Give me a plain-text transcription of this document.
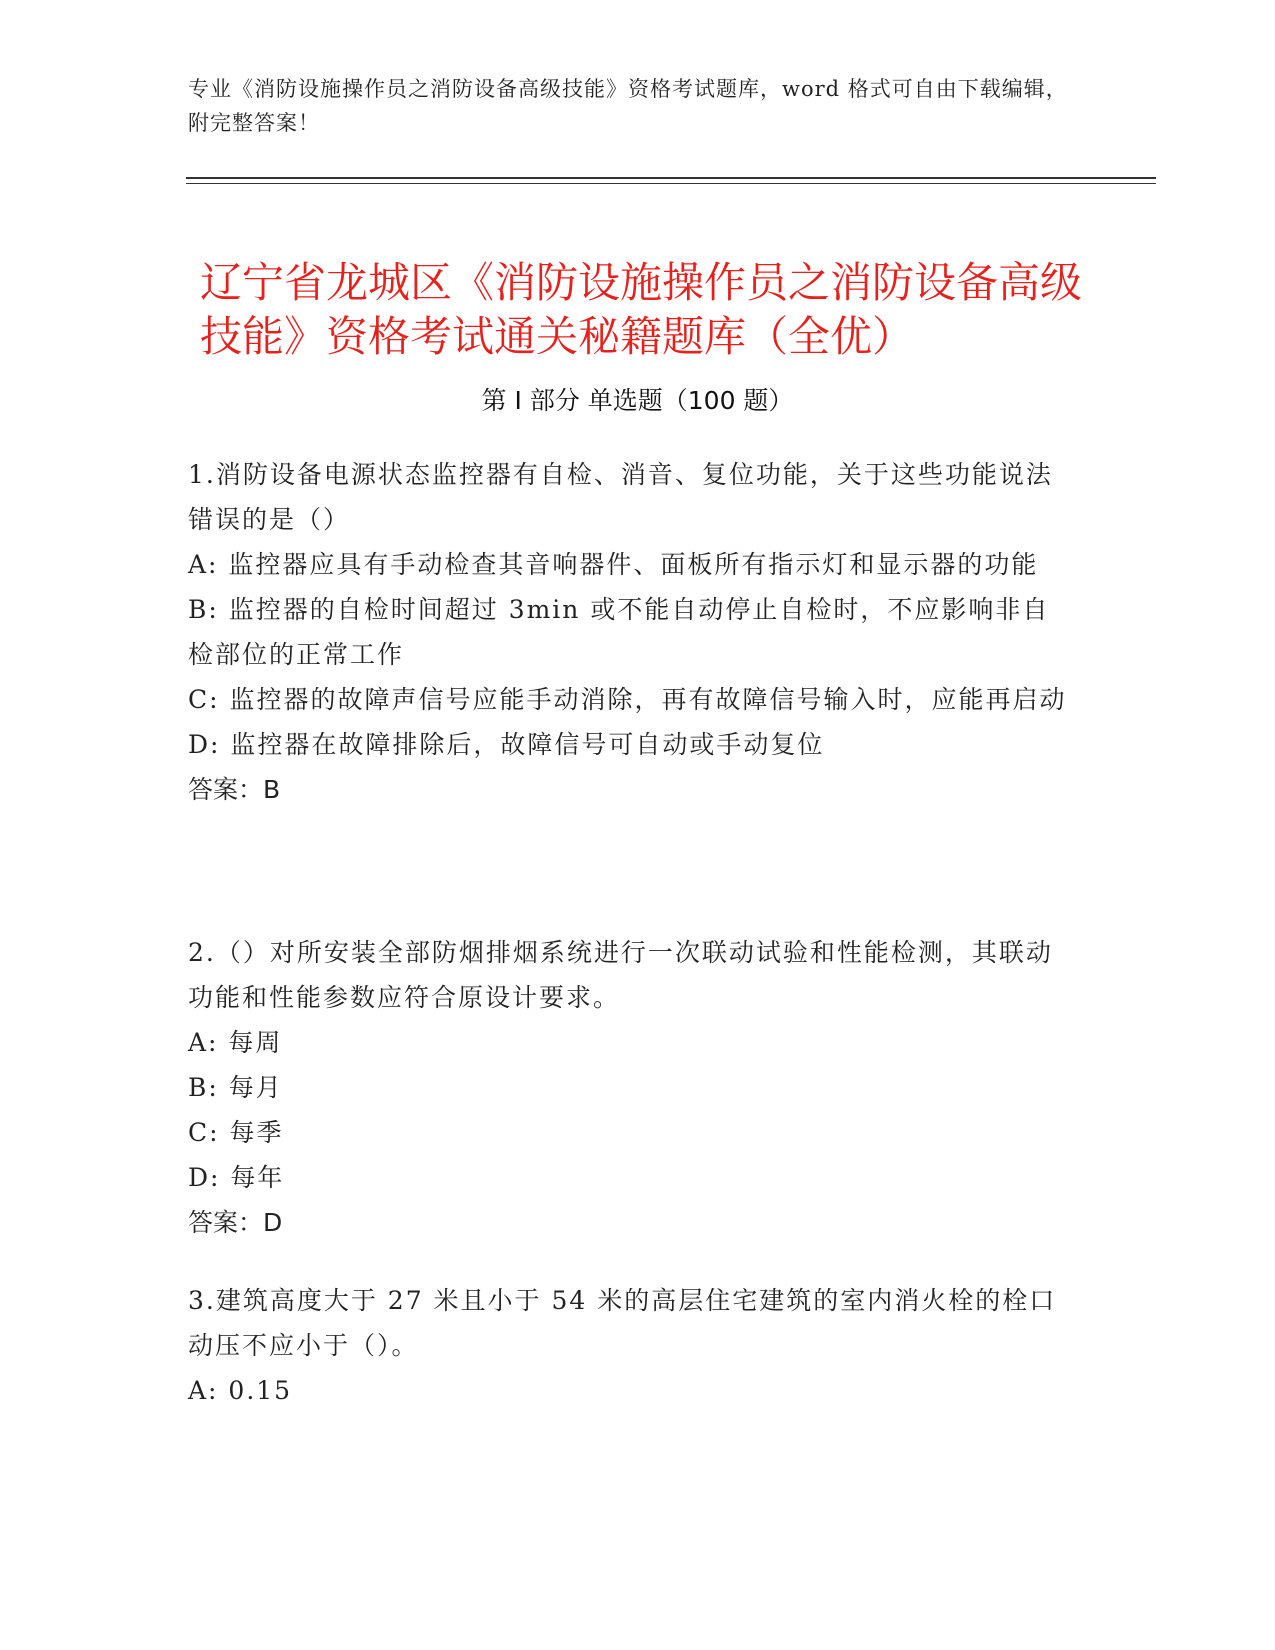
专业《消防设施操作员之消防设备高级技能》资格考试题库，word 格式可自由下载编辑，附完整答案！
辽宁省龙城区《消防设施操作员之消防设备高级技能》资格考试通关秘籍题库（全优）
第 I 部分 单选题（100 题）
1.消防设备电源状态监控器有自检、消音、复位功能，关于这些功能说法错误的是（）
A: 监控器应具有手动检查其音响器件、面板所有指示灯和显示器的功能
B: 监控器的自检时间超过 3min 或不能自动停止自检时，不应影响非自检部位的正常工作
C: 监控器的故障声信号应能手动消除，再有故障信号输入时，应能再启动
D: 监控器在故障排除后，故障信号可自动或手动复位
答案：B
2.（）对所安装全部防烟排烟系统进行一次联动试验和性能检测，其联动功能和性能参数应符合原设计要求。
A: 每周
B: 每月
C: 每季
D: 每年
答案：D
3.建筑高度大于 27 米且小于 54 米的高层住宅建筑的室内消火栓的栓口动压不应小于（）。
A: 0.15
